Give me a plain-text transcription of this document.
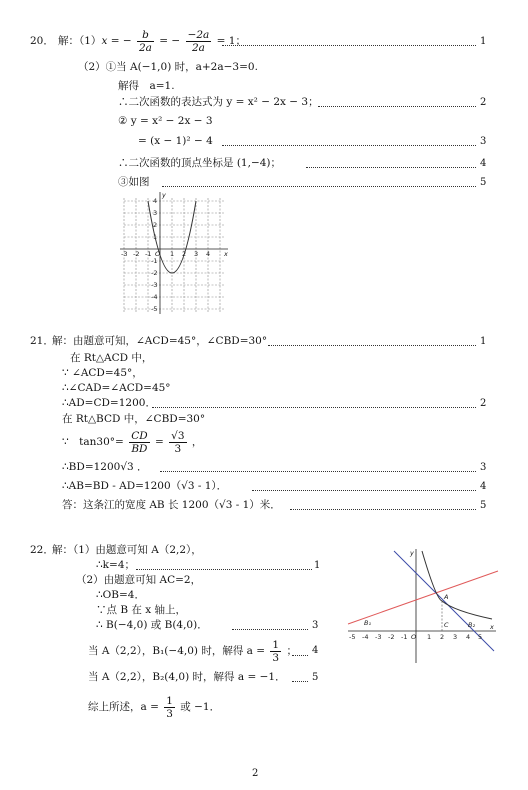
20． 解：（1）x = − $\frac{b}{2a}$ = − $\frac{-2a}{2a} = 1$；	1
（2）①当 A(−1,0) 时，a+2a−3=0.
解得　a=1.
∴二次函数的表达式为 y = x² − 2x − 3；	2
② y = x² − 2x − 3
= (x − 1)² − 4	3
∴二次函数的顶点坐标是 (1,−4)；	4
③如图	5
-3 -2 -1 O 1 2 3 4 x
4
3
2
1
-1
-2
-3
-4
-5
y
21．
解：由题意可知，∠ACD=45°，∠CBD=30°	1
在 Rt△ACD 中，
∵ ∠ACD=45°，
∴∠CAD=∠ACD=45°
∴AD=CD=1200．	2
在 Rt△BCD 中，∠CBD=30°
∵　$\tan 30^\circ= \frac{CD}{BD} = \frac{√3}{3}$ ，
∴BD=1200√3 ．	3
∴AB=BD - AD=1200（√3 - 1）．	4
答：这条江的宽度 AB 长 1200（√3 - 1）米．	5
22．
解：（1）由题意可知 A（2,2），
∴k=4；	1
（2）由题意可知 AC=2，
∴OB=4．
∵点 B 在 x 轴上，
∴ B(−4,0) 或 B(4,0)．	3
当 A（2,2），B₁(−4,0) 时，解得 $a = \frac{1}{3}$ ； 4
当 A（2,2），B₂(4,0) 时，解得 a = −1．	5
综上所述，$a = \frac{1}{3}$ 或 −1．
-5 -4 -3 -2 -1 O 1 2 3 4 5
x
y
A
B₁	B₂
C
2
